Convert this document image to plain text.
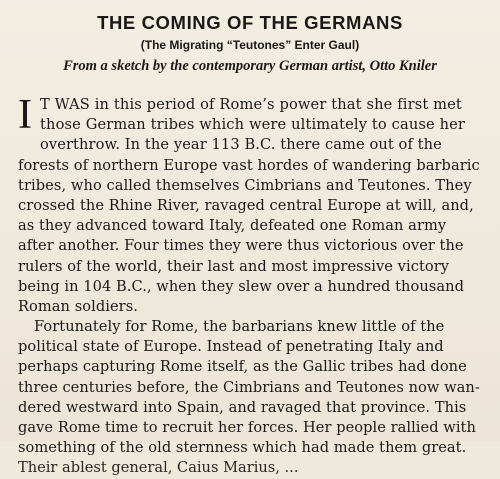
THE COMING OF THE GERMANS
(The Migrating “Teutones” Enter Gaul)
From a sketch by the contemporary German artist, Otto Kniler
I T WAS in this period of Rome’s power that she first met
those German tribes which were ultimately to cause her
overthrow. In the year 113 B.C. there came out of the
forests of northern Europe vast hordes of wandering barbaric
tribes, who called themselves Cimbrians and Teutones. They
crossed the Rhine River, ravaged central Europe at will, and,
as they advanced toward Italy, defeated one Roman army
after another. Four times they were thus victorious over the
rulers of the world, their last and most impressive victory
being in 104 B.C., when they slew over a hundred thousand
Roman soldiers.
Fortunately for Rome, the barbarians knew little of the
political state of Europe. Instead of penetrating Italy and
perhaps capturing Rome itself, as the Gallic tribes had done
three centuries before, the Cimbrians and Teutones now wan-
dered westward into Spain, and ravaged that province. This
gave Rome time to recruit her forces. Her people rallied with
something of the old sternness which had made them great.
Their ablest general, Caius Marius, ...
